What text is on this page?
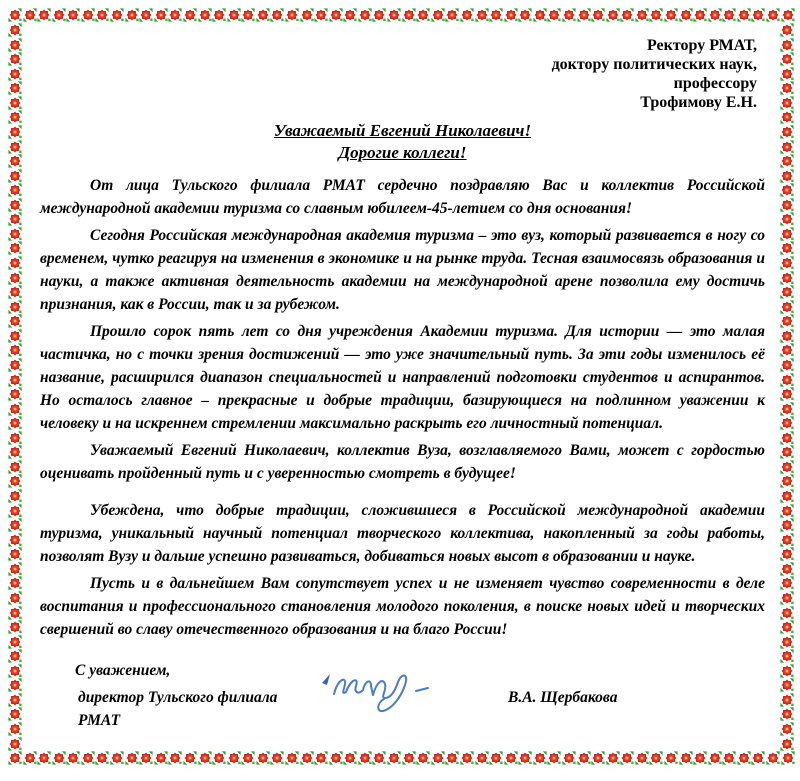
Ректору РМАТ,
доктору политических наук,
профессору
Трофимову Е.Н.
Уважаемый Евгений Николаевич!
Дорогие коллеги!

От лица Тульского филиала РМАТ сердечно поздравляю Вас и коллектив Российской международной академии туризма со славным юбилеем-45-летием со дня основания!

Сегодня Российская международная академия туризма – это вуз, который развивается в ногу со временем, чутко реагируя на изменения в экономике и на рынке труда. Тесная взаимосвязь образования и науки, а также активная деятельность академии на международной арене позволила ему достичь признания, как в России, так и за рубежом.

Прошло сорок пять лет со дня учреждения Академии туризма. Для истории — это малая частичка, но с точки зрения достижений — это уже значительный путь. За эти годы изменилось её название, расширился диапазон специальностей и направлений подготовки студентов и аспирантов. Но осталось главное – прекрасные и добрые традиции, базирующиеся на подлинном уважении к человеку и на искреннем стремлении максимально раскрыть его личностный потенциал.

Уважаемый Евгений Николаевич, коллектив Вуза, возглавляемого Вами, может с гордостью оценивать пройденный путь и с уверенностью смотреть в будущее!

Убеждена, что добрые традиции, сложившиеся в Российской международной академии туризма, уникальный научный потенциал творческого коллектива, накопленный за годы работы, позволят Вузу и дальше успешно развиваться, добиваться новых высот в образовании и науке.

Пусть и в дальнейшем Вам сопутствует успех и не изменяет чувство современности в деле воспитания и профессионального становления молодого поколения, в поиске новых идей и творческих свершений во славу отечественного образования и на благо России!

С уважением,
директор Тульского филиала РМАТ
В.А. Щербакова
